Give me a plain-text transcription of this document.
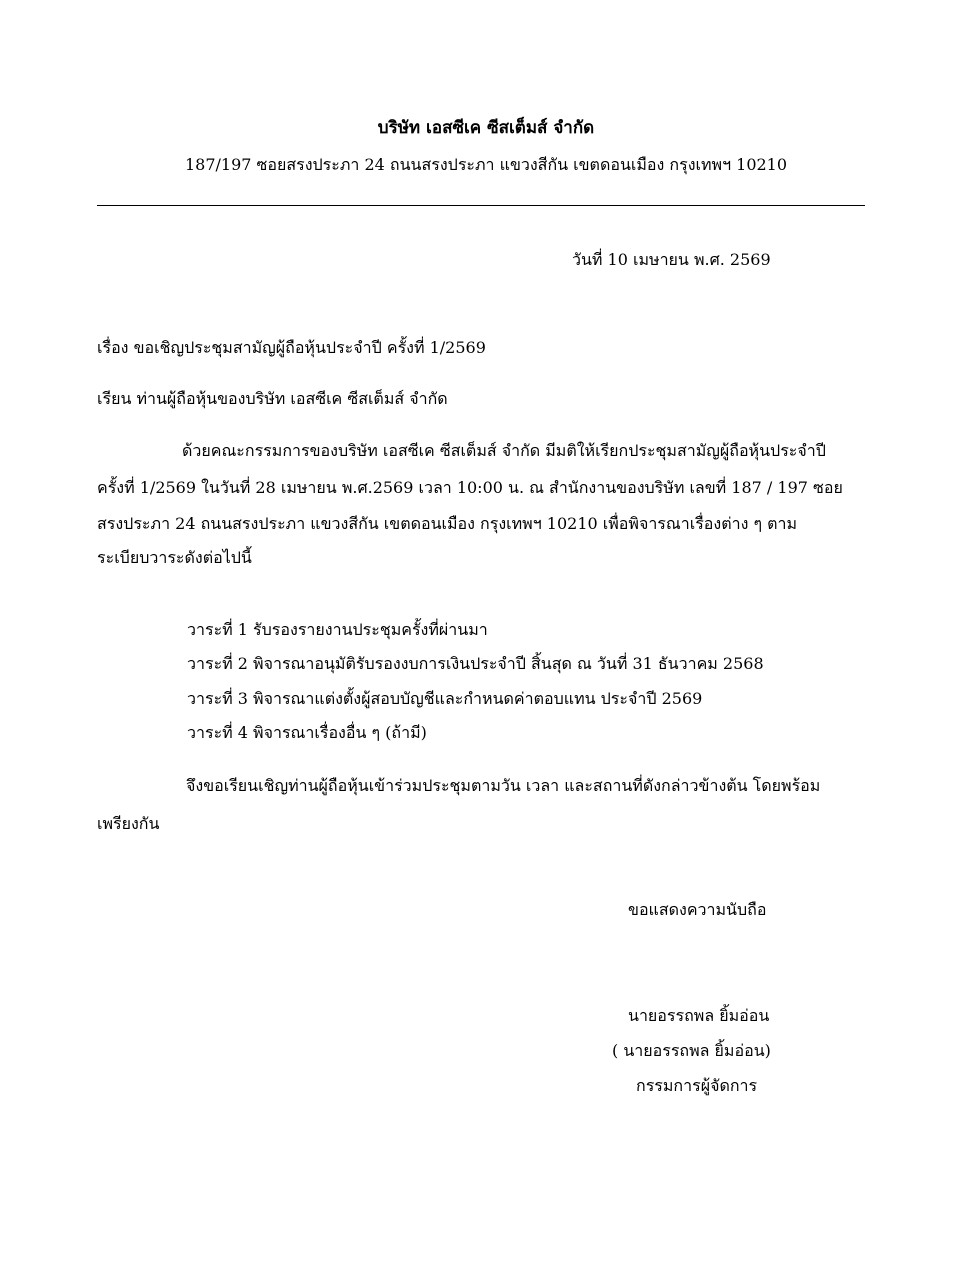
บริษัท เอสซีเค ซีสเต็มส์ จำกัด
187/197 ซอยสรงประภา 24 ถนนสรงประภา แขวงสีกัน เขตดอนเมือง กรุงเทพฯ 10210
วันที่ 10 เมษายน พ.ศ. 2569
เรื่อง ขอเชิญประชุมสามัญผู้ถือหุ้นประจำปี ครั้งที่ 1/2569
เรียน ท่านผู้ถือหุ้นของบริษัท เอสซีเค ซีสเต็มส์ จำกัด
ด้วยคณะกรรมการของบริษัท เอสซีเค ซีสเต็มส์ จำกัด มีมติให้เรียกประชุมสามัญผู้ถือหุ้นประจำปี
ครั้งที่ 1/2569 ในวันที่ 28 เมษายน พ.ศ.2569 เวลา 10:00 น. ณ สำนักงานของบริษัท เลขที่ 187 / 197 ซอย
สรงประภา 24 ถนนสรงประภา แขวงสีกัน เขตดอนเมือง กรุงเทพฯ 10210 เพื่อพิจารณาเรื่องต่าง ๆ ตาม
ระเบียบวาระดังต่อไปนี้
วาระที่ 1 รับรองรายงานประชุมครั้งที่ผ่านมา
วาระที่ 2 พิจารณาอนุมัติรับรองงบการเงินประจำปี สิ้นสุด ณ วันที่ 31 ธันวาคม 2568
วาระที่ 3 พิจารณาแต่งตั้งผู้สอบบัญชีและกำหนดค่าตอบแทน ประจำปี 2569
วาระที่ 4 พิจารณาเรื่องอื่น ๆ (ถ้ามี)
จึงขอเรียนเชิญท่านผู้ถือหุ้นเข้าร่วมประชุมตามวัน เวลา และสถานที่ดังกล่าวข้างต้น โดยพร้อม
เพรียงกัน
ขอแสดงความนับถือ
นายอรรถพล ยิ้มอ่อน
( นายอรรถพล ยิ้มอ่อน)
กรรมการผู้จัดการ
